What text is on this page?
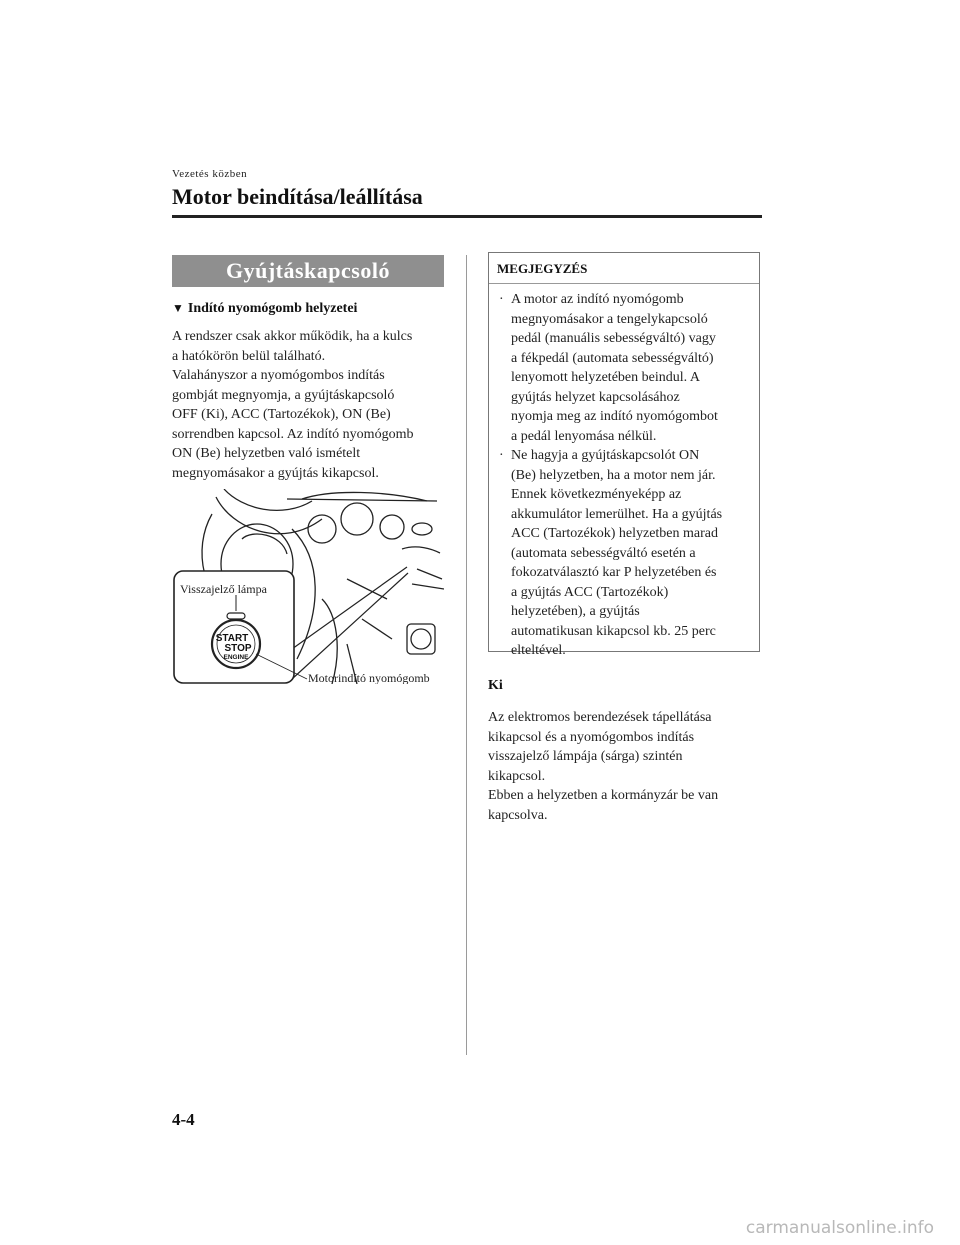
Vezetés közben
Motor beindítása/leállítása
Gyújtáskapcsoló
▼ Indító nyomógomb helyzetei
A rendszer csak akkor működik, ha a kulcs
a hatókörön belül található.
Valahányszor a nyomógombos indítás
gombját megnyomja, a gyújtáskapcsoló
OFF (Ki), ACC (Tartozékok), ON (Be)
sorrendben kapcsol. Az indító nyomógomb
ON (Be) helyzetben való ismételt
megnyomásakor a gyújtás kikapcsol.
START
STOP
ENGINE
Visszajelző lámpa
Motorindító nyomógomb
MEGJEGYZÉS
· A motor az indító nyomógomb
megnyomásakor a tengelykapcsoló
pedál (manuális sebességváltó) vagy
a fékpedál (automata sebességváltó)
lenyomott helyzetében beindul. A
gyújtás helyzet kapcsolásához
nyomja meg az indító nyomógombot
a pedál lenyomása nélkül.
· Ne hagyja a gyújtáskapcsolót ON
(Be) helyzetben, ha a motor nem jár.
Ennek következményeképp az
akkumulátor lemerülhet. Ha a gyújtás
ACC (Tartozékok) helyzetben marad
(automata sebességváltó esetén a
fokozatválasztó kar P helyzetében és
a gyújtás ACC (Tartozékok)
helyzetében), a gyújtás
automatikusan kikapcsol kb. 25 perc
elteltével.
Ki
Az elektromos berendezések tápellátása
kikapcsol és a nyomógombos indítás
visszajelző lámpája (sárga) szintén
kikapcsol.
Ebben a helyzetben a kormányzár be van
kapcsolva.
4-4
carmanualsonline.info
